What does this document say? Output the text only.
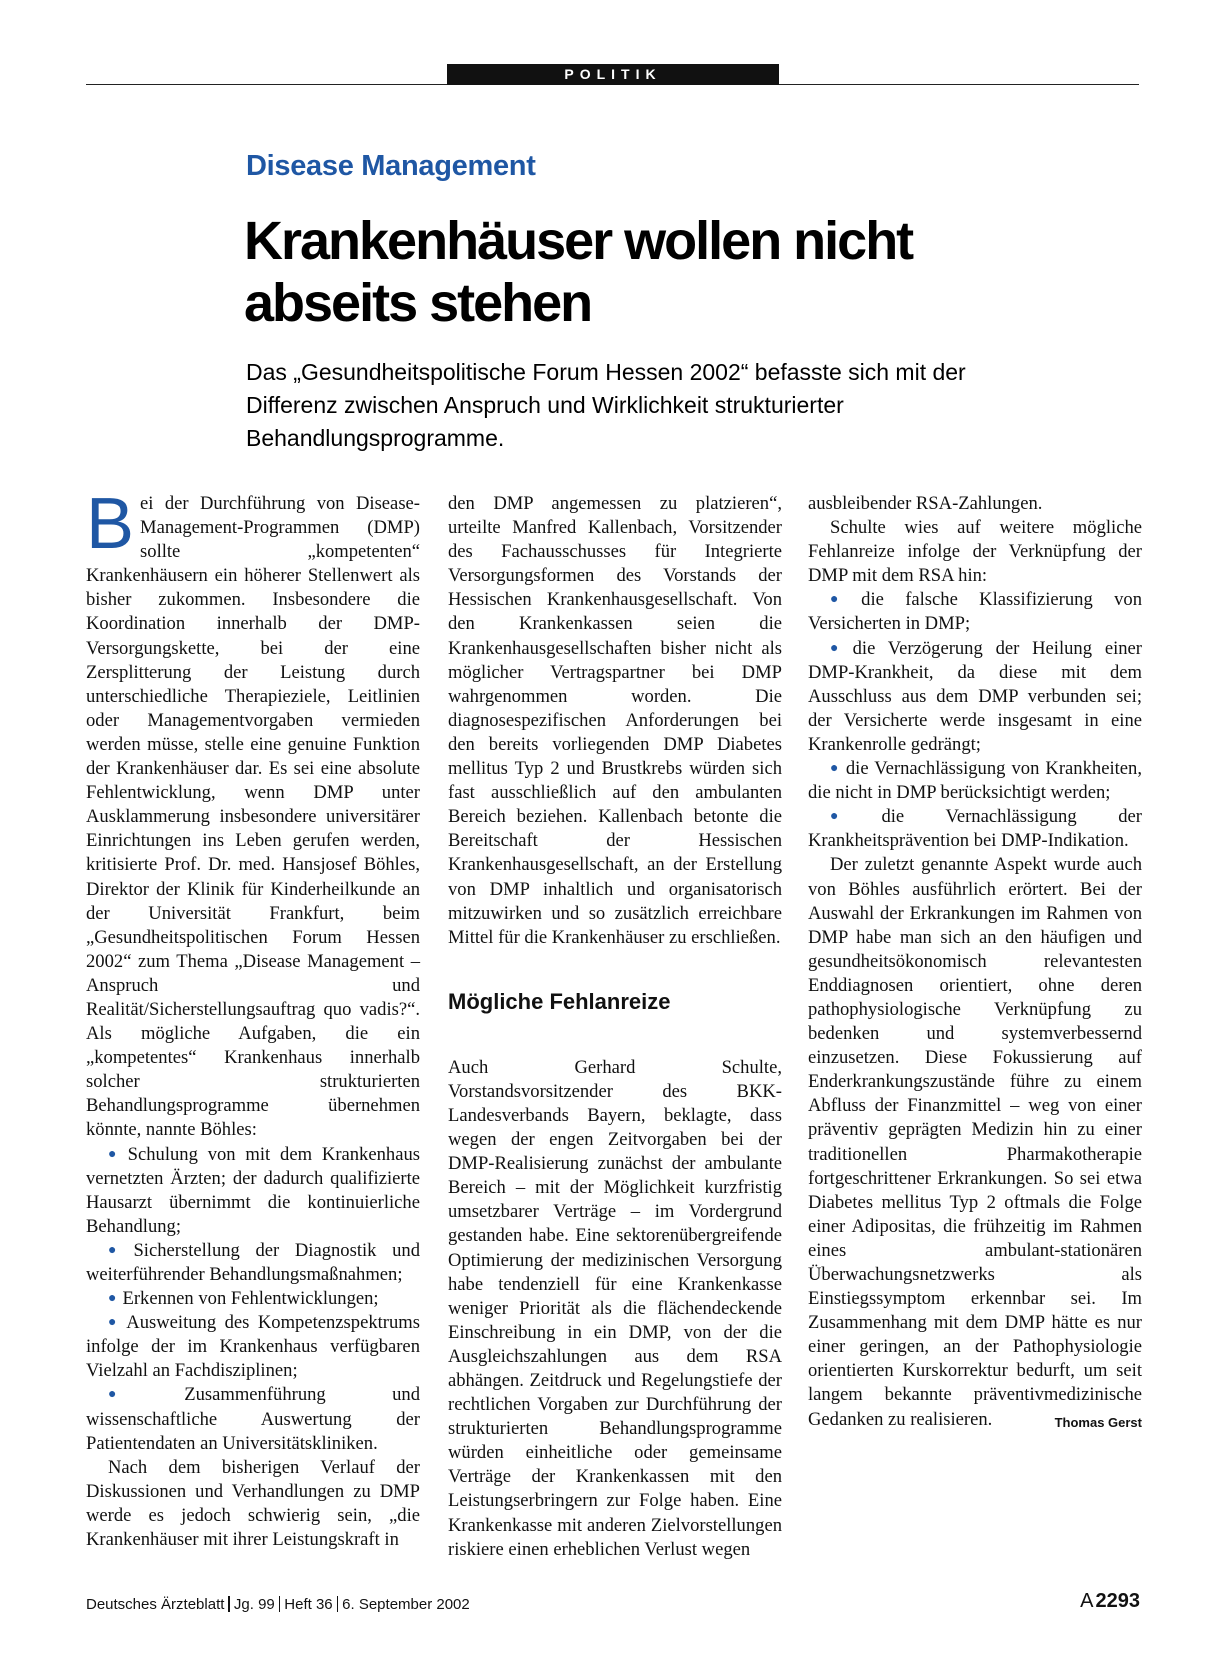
POLITIK
Disease Management
Krankenhäuser wollen nicht abseits stehen

Das „Gesundheitspolitische Forum Hessen 2002“ befasste sich mit der Differenz zwischen Anspruch und Wirklichkeit strukturierter Behandlungsprogramme.

Bei der Durchführung von Disease-Management-Programmen (DMP) sollte „kompetenten“ Krankenhäusern ein höherer Stellenwert als bisher zukommen. Insbesondere die Koordination innerhalb der DMP-Versorgungskette, bei der eine Zersplitterung der Leistung durch unterschiedliche Therapieziele, Leitlinien oder Managementvorgaben vermieden werden müsse, stelle eine genuine Funktion der Krankenhäuser dar. Es sei eine absolute Fehlentwicklung, wenn DMP unter Ausklammerung insbesondere universitärer Einrichtungen ins Leben gerufen werden, kritisierte Prof. Dr. med. Hansjosef Böhles, Direktor der Klinik für Kinderheilkunde an der Universität Frankfurt, beim „Gesundheitspolitischen Forum Hessen 2002“ zum Thema „Disease Management – Anspruch und Realität/Sicherstellungsauftrag quo vadis?“. Als mögliche Aufgaben, die ein „kompetentes“ Krankenhaus innerhalb solcher strukturierten Behandlungsprogramme übernehmen könnte, nannte Böhles:

● Schulung von mit dem Krankenhaus vernetzten Ärzten; der dadurch qualifizierte Hausarzt übernimmt die kontinuierliche Behandlung;

● Sicherstellung der Diagnostik und weiterführender Behandlungsmaßnahmen;

● Erkennen von Fehlentwicklungen;

● Ausweitung des Kompetenzspektrums infolge der im Krankenhaus verfügbaren Vielzahl an Fachdisziplinen;

● Zusammenführung und wissenschaftliche Auswertung der Patientendaten an Universitätskliniken.

Nach dem bisherigen Verlauf der Diskussionen und Verhandlungen zu DMP werde es jedoch schwierig sein, „die Krankenhäuser mit ihrer Leistungskraft in

den DMP angemessen zu platzieren“, urteilte Manfred Kallenbach, Vorsitzender des Fachausschusses für Integrierte Versorgungsformen des Vorstands der Hessischen Krankenhausgesellschaft. Von den Krankenkassen seien die Krankenhausgesellschaften bisher nicht als möglicher Vertragspartner bei DMP wahrgenommen worden. Die diagnosespezifischen Anforderungen bei den bereits vorliegenden DMP Diabetes mellitus Typ 2 und Brustkrebs würden sich fast ausschließlich auf den ambulanten Bereich beziehen. Kallenbach betonte die Bereitschaft der Hessischen Krankenhausgesellschaft, an der Erstellung von DMP inhaltlich und organisatorisch mitzuwirken und so zusätzlich erreichbare Mittel für die Krankenhäuser zu erschließen.

Mögliche Fehlanreize

Auch Gerhard Schulte, Vorstandsvorsitzender des BKK-Landesverbands Bayern, beklagte, dass wegen der engen Zeitvorgaben bei der DMP-Realisierung zunächst der ambulante Bereich – mit der Möglichkeit kurzfristig umsetzbarer Verträge – im Vordergrund gestanden habe. Eine sektorenübergreifende Optimierung der medizinischen Versorgung habe tendenziell für eine Krankenkasse weniger Priorität als die flächendeckende Einschreibung in ein DMP, von der die Ausgleichszahlungen aus dem RSA abhängen. Zeitdruck und Regelungstiefe der rechtlichen Vorgaben zur Durchführung der strukturierten Behandlungsprogramme würden einheitliche oder gemeinsame Verträge der Krankenkassen mit den Leistungserbringern zur Folge haben. Eine Krankenkasse mit anderen Zielvorstellungen riskiere einen erheblichen Verlust wegen

ausbleibender RSA-Zahlungen.

Schulte wies auf weitere mögliche Fehlanreize infolge der Verknüpfung der DMP mit dem RSA hin:

● die falsche Klassifizierung von Versicherten in DMP;

● die Verzögerung der Heilung einer DMP-Krankheit, da diese mit dem Ausschluss aus dem DMP verbunden sei; der Versicherte werde insgesamt in eine Krankenrolle gedrängt;

● die Vernachlässigung von Krankheiten, die nicht in DMP berücksichtigt werden;

● die Vernachlässigung der Krankheitsprävention bei DMP-Indikation.

Der zuletzt genannte Aspekt wurde auch von Böhles ausführlich erörtert. Bei der Auswahl der Erkrankungen im Rahmen von DMP habe man sich an den häufigen und gesundheitsökonomisch relevantesten Enddiagnosen orientiert, ohne deren pathophysiologische Verknüpfung zu bedenken und systemverbessernd einzusetzen. Diese Fokussierung auf Enderkrankungszustände führe zu einem Abfluss der Finanzmittel – weg von einer präventiv geprägten Medizin hin zu einer traditionellen Pharmakotherapie fortgeschrittener Erkrankungen. So sei etwa Diabetes mellitus Typ 2 oftmals die Folge einer Adipositas, die frühzeitig im Rahmen eines ambulant-stationären Überwachungsnetzwerks als Einstiegssymptom erkennbar sei. Im Zusammenhang mit dem DMP hätte es nur einer geringen, an der Pathophysiologie orientierten Kurskorrektur bedurft, um seit langem bekannte präventivmedizinische Gedanken zu realisieren.	Thomas Gerst

Deutsches Ärzteblatt Jg. 99 Heft 36 6. September 2002	A 2293
